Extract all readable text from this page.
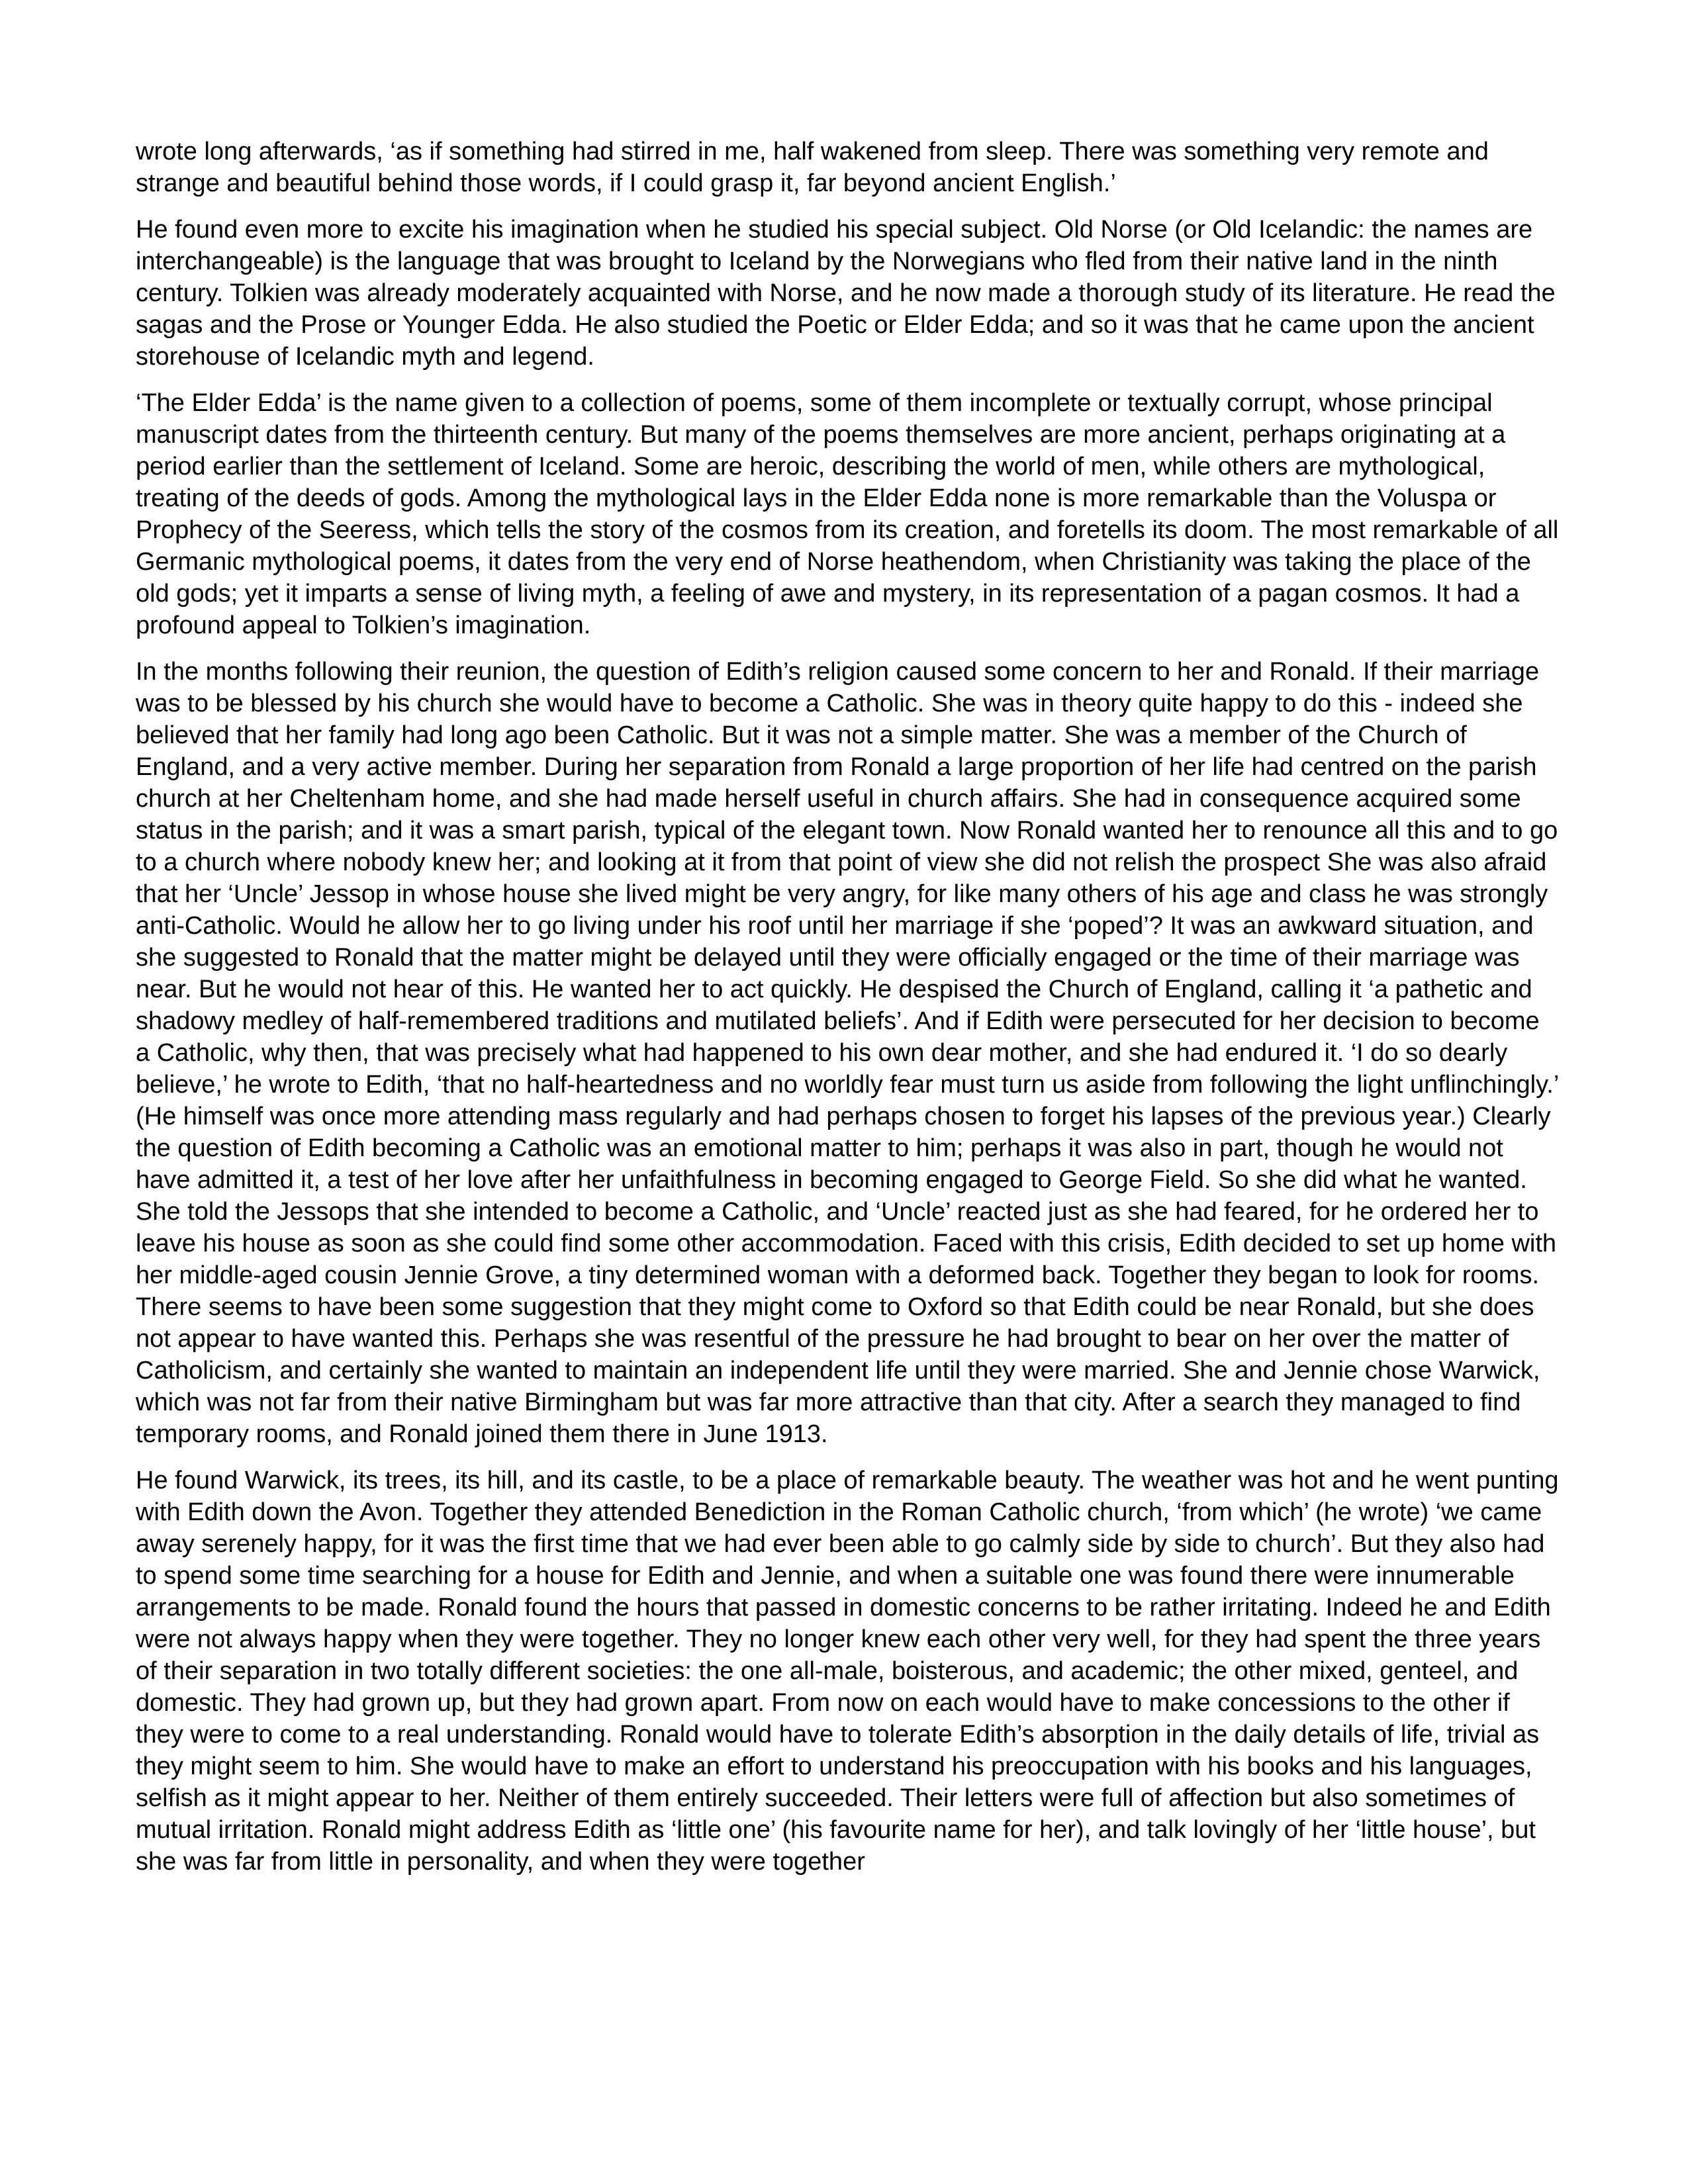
wrote long afterwards, ‘as if something had stirred in me, half wakened from sleep. There was something very remote and strange and beautiful behind those words, if I could grasp it, far beyond ancient English.’

He found even more to excite his imagination when he studied his special subject. Old Norse (or Old Icelandic: the names are interchangeable) is the language that was brought to Iceland by the Norwegians who fled from their native land in the ninth century. Tolkien was already moderately acquainted with Norse, and he now made a thorough study of its literature. He read the sagas and the Prose or Younger Edda. He also studied the Poetic or Elder Edda; and so it was that he came upon the ancient storehouse of Icelandic myth and legend.

‘The Elder Edda’ is the name given to a collection of poems, some of them incomplete or textually corrupt, whose principal manuscript dates from the thirteenth century. But many of the poems themselves are more ancient, perhaps originating at a period earlier than the settlement of Iceland. Some are heroic, describing the world of men, while others are mythological, treating of the deeds of gods. Among the mythological lays in the Elder Edda none is more remarkable than the Voluspa or Prophecy of the Seeress, which tells the story of the cosmos from its creation, and foretells its doom. The most remarkable of all Germanic mythological poems, it dates from the very end of Norse heathendom, when Christianity was taking the place of the old gods; yet it imparts a sense of living myth, a feeling of awe and mystery, in its representation of a pagan cosmos. It had a profound appeal to Tolkien’s imagination.

In the months following their reunion, the question of Edith’s religion caused some concern to her and Ronald. If their marriage was to be blessed by his church she would have to become a Catholic. She was in theory quite happy to do this - indeed she believed that her family had long ago been Catholic. But it was not a simple matter. She was a member of the Church of England, and a very active member. During her separation from Ronald a large proportion of her life had centred on the parish church at her Cheltenham home, and she had made herself useful in church affairs. She had in consequence acquired some status in the parish; and it was a smart parish, typical of the elegant town. Now Ronald wanted her to renounce all this and to go to a church where nobody knew her; and looking at it from that point of view she did not relish the prospect She was also afraid that her ‘Uncle’ Jessop in whose house she lived might be very angry, for like many others of his age and class he was strongly anti-Catholic. Would he allow her to go living under his roof until her marriage if she ‘poped’? It was an awkward situation, and she suggested to Ronald that the matter might be delayed until they were officially engaged or the time of their marriage was near. But he would not hear of this. He wanted her to act quickly. He despised the Church of England, calling it ‘a pathetic and shadowy medley of half-remembered traditions and mutilated beliefs’. And if Edith were persecuted for her decision to become a Catholic, why then, that was precisely what had happened to his own dear mother, and she had endured it. ‘I do so dearly believe,’ he wrote to Edith, ‘that no half-heartedness and no worldly fear must turn us aside from following the light unflinchingly.’ (He himself was once more attending mass regularly and had perhaps chosen to forget his lapses of the previous year.) Clearly the question of Edith becoming a Catholic was an emotional matter to him; perhaps it was also in part, though he would not have admitted it, a test of her love after her unfaithfulness in becoming engaged to George Field. So she did what he wanted. She told the Jessops that she intended to become a Catholic, and ‘Uncle’ reacted just as she had feared, for he ordered her to leave his house as soon as she could find some other accommodation. Faced with this crisis, Edith decided to set up home with her middle-aged cousin Jennie Grove, a tiny determined woman with a deformed back. Together they began to look for rooms. There seems to have been some suggestion that they might come to Oxford so that Edith could be near Ronald, but she does not appear to have wanted this. Perhaps she was resentful of the pressure he had brought to bear on her over the matter of Catholicism, and certainly she wanted to maintain an independent life until they were married. She and Jennie chose Warwick, which was not far from their native Birmingham but was far more attractive than that city. After a search they managed to find temporary rooms, and Ronald joined them there in June 1913.

He found Warwick, its trees, its hill, and its castle, to be a place of remarkable beauty. The weather was hot and he went punting with Edith down the Avon. Together they attended Benediction in the Roman Catholic church, ‘from which’ (he wrote) ‘we came away serenely happy, for it was the first time that we had ever been able to go calmly side by side to church’. But they also had to spend some time searching for a house for Edith and Jennie, and when a suitable one was found there were innumerable arrangements to be made. Ronald found the hours that passed in domestic concerns to be rather irritating. Indeed he and Edith were not always happy when they were together. They no longer knew each other very well, for they had spent the three years of their separation in two totally different societies: the one all-male, boisterous, and academic; the other mixed, genteel, and domestic. They had grown up, but they had grown apart. From now on each would have to make concessions to the other if they were to come to a real understanding. Ronald would have to tolerate Edith’s absorption in the daily details of life, trivial as they might seem to him. She would have to make an effort to understand his preoccupation with his books and his languages, selfish as it might appear to her. Neither of them entirely succeeded. Their letters were full of affection but also sometimes of mutual irritation. Ronald might address Edith as ‘little one’ (his favourite name for her), and talk lovingly of her ‘little house’, but she was far from little in personality, and when they were together
